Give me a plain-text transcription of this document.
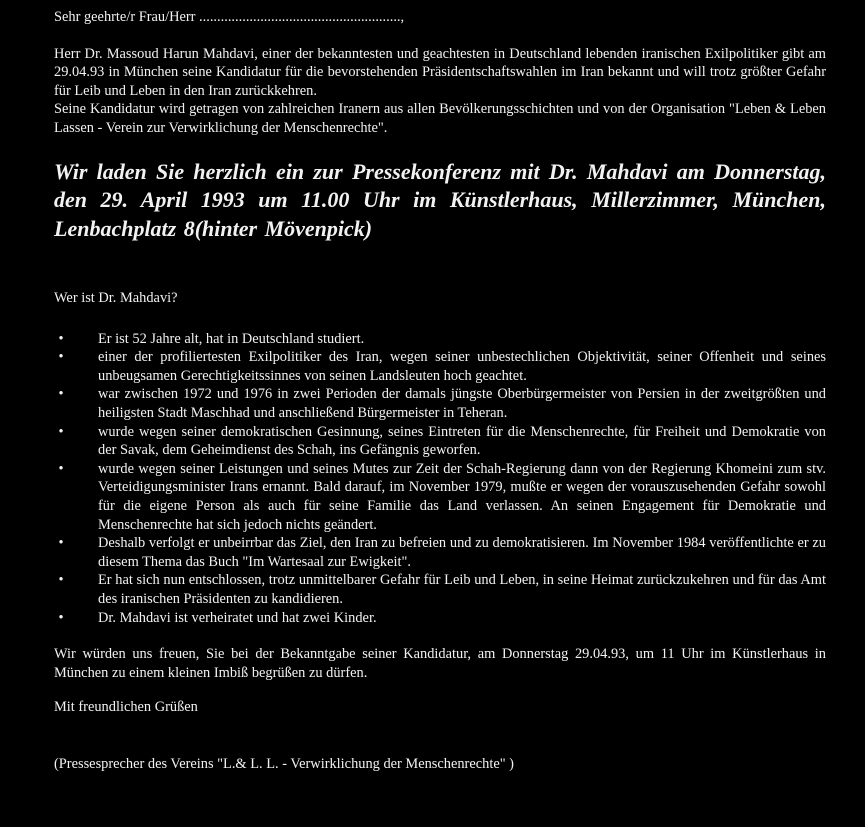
Sehr geehrte/r Frau/Herr ........................................................,

Herr Dr. Massoud Harun Mahdavi, einer der bekanntesten und geachtesten in Deutschland lebenden iranischen Exilpolitiker gibt am 29.04.93 in München seine Kandidatur für die bevorstehenden Präsidentschaftswahlen im Iran bekannt und will trotz größter Gefahr für Leib und Leben in den Iran zurückkehren.

Seine Kandidatur wird getragen von zahlreichen Iranern aus allen Bevölkerungsschichten und von der Organisation "Leben & Leben Lassen - Verein zur Verwirklichung der Menschenrechte".

Wir laden Sie herzlich ein zur Pressekonferenz mit Dr. Mahdavi am Donnerstag, den 29. April 1993 um 11.00 Uhr im Künstlerhaus, Millerzimmer, München, Lenbachplatz 8(hinter Mövenpick)

Wer ist Dr. Mahdavi?

• Er ist 52 Jahre alt, hat in Deutschland studiert.
• einer der profiliertesten Exilpolitiker des Iran, wegen seiner unbestechlichen Objektivität, seiner Offenheit und seines unbeugsamen Gerechtigkeitssinnes von seinen Landsleuten hoch geachtet.
• war zwischen 1972 und 1976 in zwei Perioden der damals jüngste Oberbürgermeister von Persien in der zweitgrößten und heiligsten Stadt Maschhad und anschließend Bürgermeister in Teheran.
• wurde wegen seiner demokratischen Gesinnung, seines Eintreten für die Menschenrechte, für Freiheit und Demokratie von der Savak, dem Geheimdienst des Schah, ins Gefängnis geworfen.
• wurde wegen seiner Leistungen und seines Mutes zur Zeit der Schah-Regierung dann von der Regierung Khomeini zum stv. Verteidigungsminister Irans ernannt. Bald darauf, im November 1979, mußte er wegen der vorauszusehenden Gefahr sowohl für die eigene Person als auch für seine Familie das Land verlassen. An seinen Engagement für Demokratie und Menschenrechte hat sich jedoch nichts geändert.
• Deshalb verfolgt er unbeirrbar das Ziel, den Iran zu befreien und zu demokratisieren. Im November 1984 veröffentlichte er zu diesem Thema das Buch "Im Wartesaal zur Ewigkeit".
• Er hat sich nun entschlossen, trotz unmittelbarer Gefahr für Leib und Leben, in seine Heimat zurückzukehren und für das Amt des iranischen Präsidenten zu kandidieren.
• Dr. Mahdavi ist verheiratet und hat zwei Kinder.

Wir würden uns freuen, Sie bei der Bekanntgabe seiner Kandidatur, am Donnerstag 29.04.93, um 11 Uhr im Künstlerhaus in München zu einem kleinen Imbiß begrüßen zu dürfen.

Mit freundlichen Grüßen

(Pressesprecher des Vereins "L.& L. L. - Verwirklichung der Menschenrechte" )
